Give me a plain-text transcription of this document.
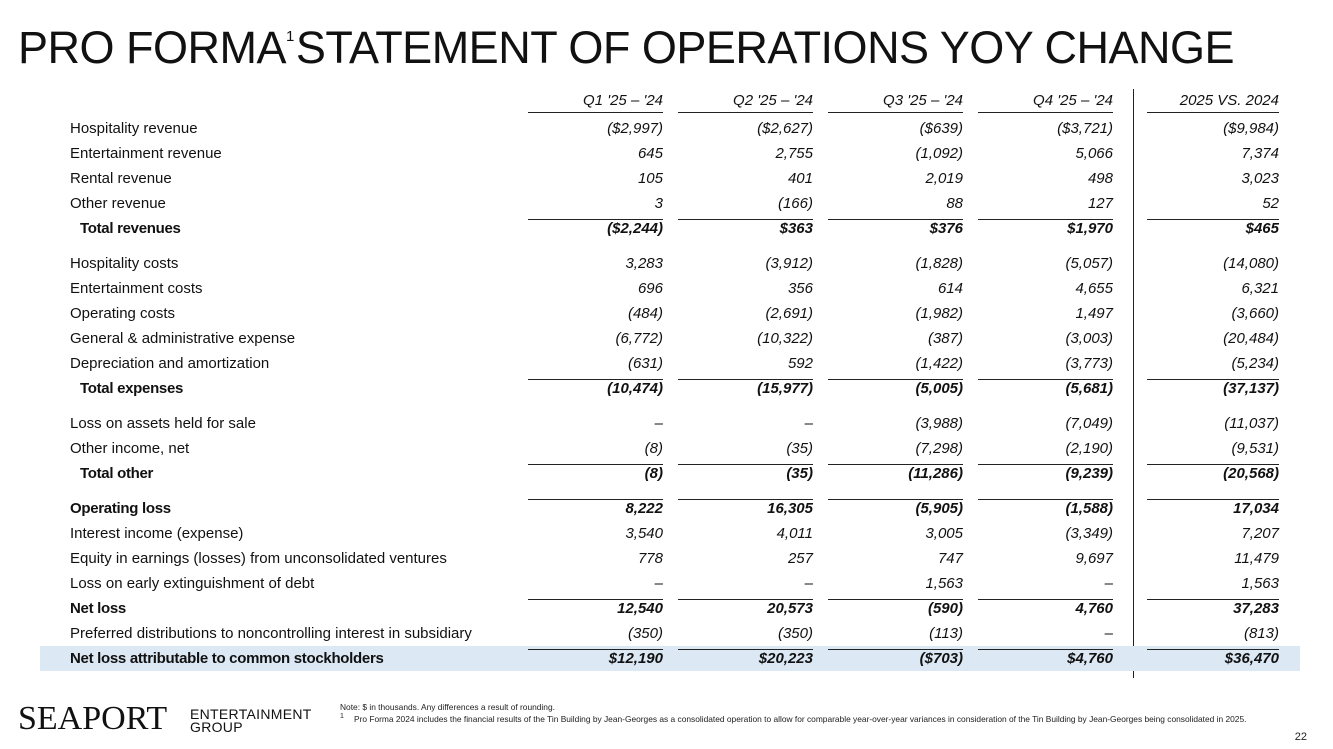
PRO FORMA$^1$STATEMENT OF OPERATIONS YOY CHANGE
Q1 '25 – '24	Q2 '25 – '24	Q3 '25 – '24	Q4 '25 – '24	2025 VS. 2024
Hospitality revenue	($2,997)	($2,627)	($639)	($3,721)	($9,984)
Entertainment revenue	645	2,755	(1,092)	5,066	7,374
Rental revenue	105	401	2,019	498	3,023
Other revenue	3	(166)	88	127	52
Total revenues	($2,244)	$363	$376	$1,970	$465
Hospitality costs	3,283	(3,912)	(1,828)	(5,057)	(14,080)
Entertainment costs	696	356	614	4,655	6,321
Operating costs	(484)	(2,691)	(1,982)	1,497	(3,660)
General & administrative expense	(6,772)	(10,322)	(387)	(3,003)	(20,484)
Depreciation and amortization	(631)	592	(1,422)	(3,773)	(5,234)
Total expenses	(10,474)	(15,977)	(5,005)	(5,681)	(37,137)
Loss on assets held for sale	–	–	(3,988)	(7,049)	(11,037)
Other income, net	(8)	(35)	(7,298)	(2,190)	(9,531)
Total other	(8)	(35)	(11,286)	(9,239)	(20,568)
Operating loss	8,222	16,305	(5,905)	(1,588)	17,034
Interest income (expense)	3,540	4,011	3,005	(3,349)	7,207
Equity in earnings (losses) from unconsolidated ventures	778	257	747	9,697	11,479
Loss on early extinguishment of debt	–	–	1,563	–	1,563
Net loss	12,540	20,573	(590)	4,760	37,283
Preferred distributions to noncontrolling interest in subsidiary	(350)	(350)	(113)	–	(813)
Net loss attributable to common stockholders	$12,190	$20,223	($703)	$4,760	$36,470
SEAPORT ENTERTAINMENT
GROUP
Note: $ in thousands. Any differences a result of rounding.
1 Pro Forma 2024 includes the financial results of the Tin Building by Jean-Georges as a consolidated operation to allow for comparable year-over-year variances in consideration of the Tin Building by Jean-Georges being consolidated in 2025.
22
